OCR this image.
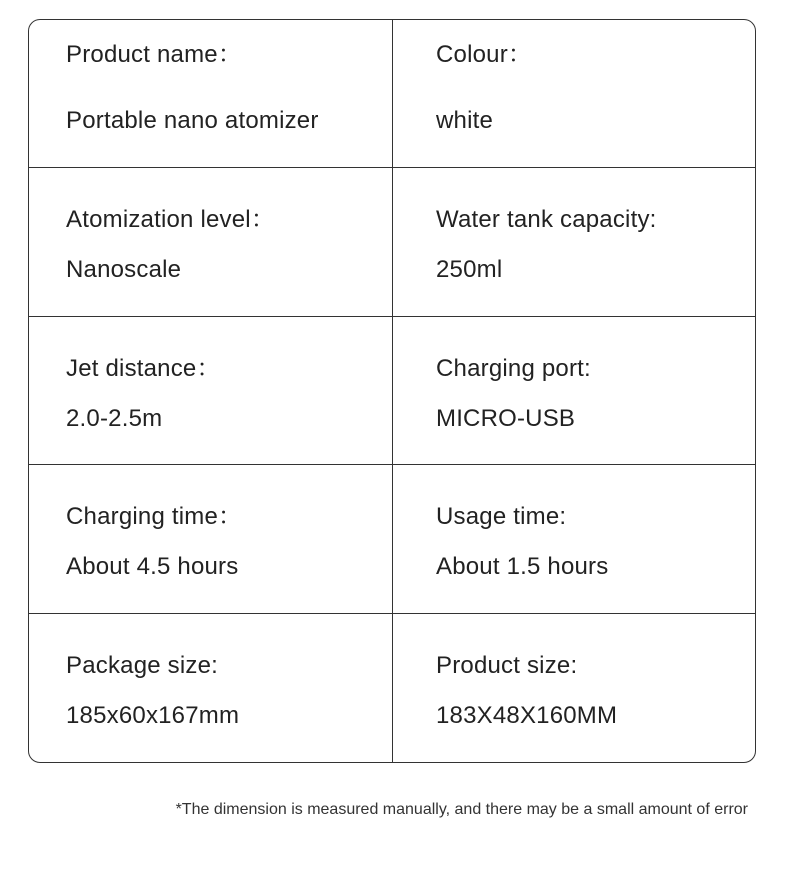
Product name：
Portable nano atomizer
Colour：
white
Atomization level：
Nanoscale
Water tank capacity:
250ml
Jet distance：
2.0-2.5m
Charging port:
MICRO-USB
Charging time：
About 4.5 hours
Usage time:
About 1.5 hours
Package size:
185x60x167mm
Product size:
183X48X160MM
*The dimension is measured manually, and there may be a small amount of error
